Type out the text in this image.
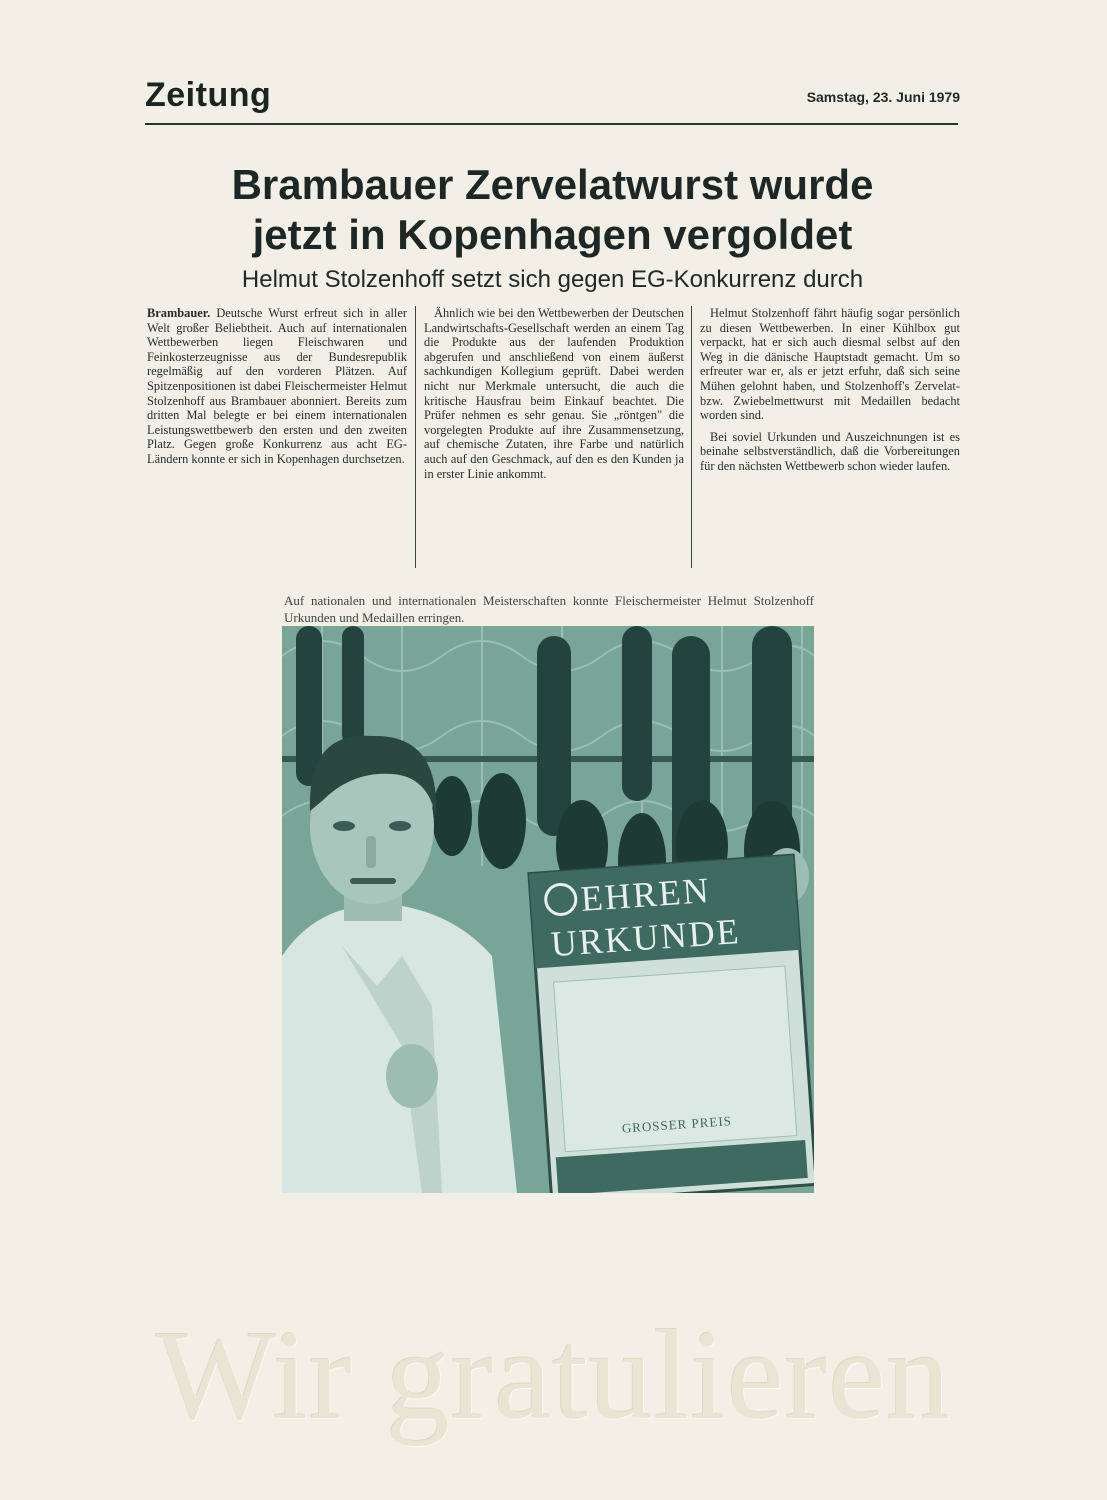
Zeitung	Samstag, 23. Juni 1979
Brambauer Zervelatwurst wurde
jetzt in Kopenhagen vergoldet
Helmut Stolzenhoff setzt sich gegen EG-Konkurrenz durch

Brambauer. Deutsche Wurst erfreut sich in aller Welt großer Beliebtheit. Auch auf internationalen Wettbewerben liegen Fleischwaren und Feinkosterzeugnisse aus der Bundesrepublik regelmäßig auf den vorderen Plätzen. Auf Spitzenpositionen ist dabei Fleischermeister Helmut Stolzenhoff aus Brambauer abonniert. Bereits zum dritten Mal belegte er bei einem internationalen Leistungswettbewerb den ersten und den zweiten Platz. Gegen große Konkurrenz aus acht EG-Ländern konnte er sich in Kopenhagen durchsetzen.

Ähnlich wie bei den Wettbewerben der Deutschen Landwirtschafts-Gesellschaft werden an einem Tag die Produkte aus der laufenden Produktion abgerufen und anschließend von einem äußerst sachkundigen Kollegium geprüft. Dabei werden nicht nur Merkmale untersucht, die auch die kritische Hausfrau beim Einkauf beachtet. Die Prüfer nehmen es sehr genau. Sie „röntgen" die vorgelegten Produkte auf ihre Zusammensetzung, auf chemische Zutaten, ihre Farbe und natürlich auch auf den Geschmack, auf den es den Kunden ja in erster Linie ankommt.

Helmut Stolzenhoff fährt häufig sogar persönlich zu diesen Wettbewerben. In einer Kühlbox gut verpackt, hat er sich auch diesmal selbst auf den Weg in die dänische Hauptstadt gemacht. Um so erfreuter war er, als er jetzt erfuhr, daß sich seine Mühen gelohnt haben, und Stolzenhoff's Zervelat- bzw. Zwiebelmettwurst mit Medaillen bedacht worden sind.

Bei soviel Urkunden und Auszeichnungen ist es beinahe selbstverständlich, daß die Vorbereitungen für den nächsten Wettbewerb schon wieder laufen.

Auf nationalen und internationalen Meisterschaften konnte Fleischermeister Helmut Stolzenhoff Urkunden und Medaillen erringen.
EHREN
URKUNDE
GROSSER PREIS
Wir gratulieren
